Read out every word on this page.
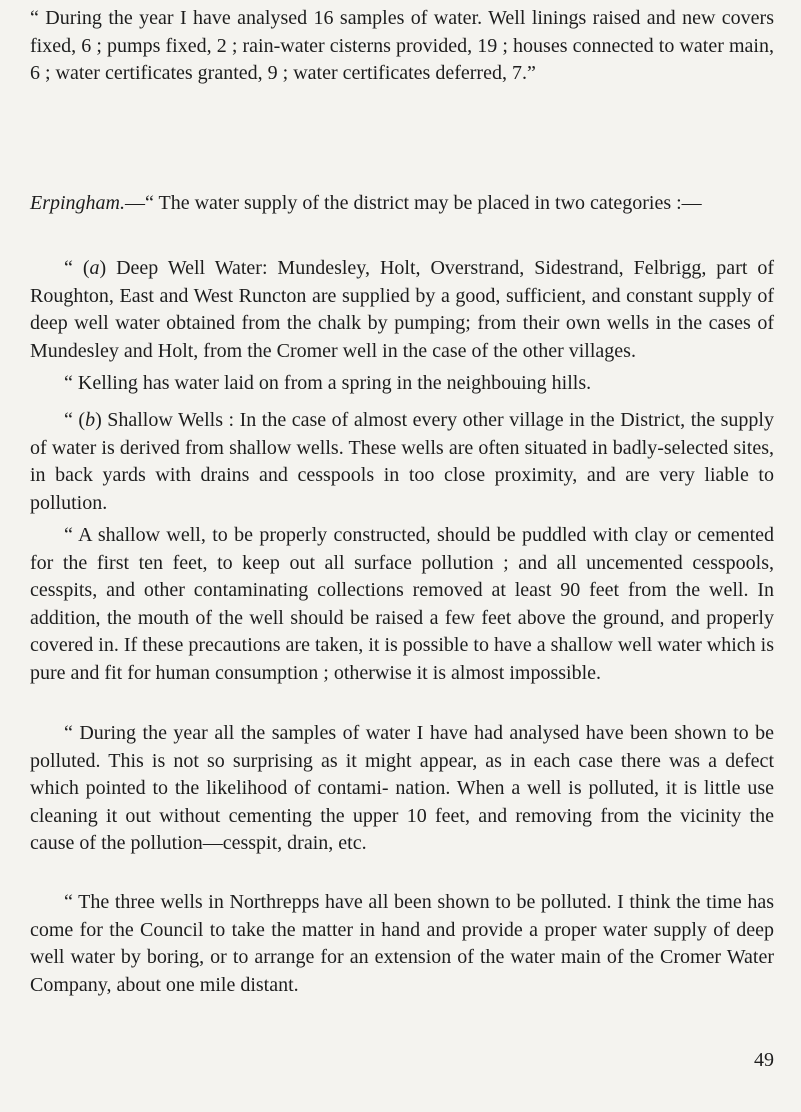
“ During the year I have analysed 16 samples of water. Well linings raised and new covers fixed, 6 ; pumps fixed, 2 ; rain-water cisterns provided, 19 ; houses connected to water main, 6 ; water certificates granted, 9 ; water certificates deferred, 7.”

Erpingham.—“ The water supply of the district may be placed in two categories :—

“ (a) Deep Well Water: Mundesley, Holt, Overstrand, Sidestrand, Felbrigg, part of Roughton, East and West Runcton are supplied by a good, sufficient, and constant supply of deep well water obtained from the chalk by pumping; from their own wells in the cases of Mundesley and Holt, from the Cromer well in the case of the other villages.

“ Kelling has water laid on from a spring in the neighbouing hills.

“ (b) Shallow Wells : In the case of almost every other village in the District, the supply of water is derived from shallow wells. These wells are often situated in badly-selected sites, in back yards with drains and cesspools in too close proximity, and are very liable to pollution.

“ A shallow well, to be properly constructed, should be puddled with clay or cemented for the first ten feet, to keep out all surface pollution ; and all uncemented cesspools, cesspits, and other contaminating collections removed at least 90 feet from the well. In addition, the mouth of the well should be raised a few feet above the ground, and properly covered in. If these precautions are taken, it is possible to have a shallow well water which is pure and fit for human consumption ; otherwise it is almost impossible.

“ During the year all the samples of water I have had analysed have been shown to be polluted. This is not so surprising as it might appear, as in each case there was a defect which pointed to the likelihood of contami- nation. When a well is polluted, it is little use cleaning it out without cementing the upper 10 feet, and removing from the vicinity the cause of the pollution—cesspit, drain, etc.

“ The three wells in Northrepps have all been shown to be polluted. I think the time has come for the Council to take the matter in hand and provide a proper water supply of deep well water by boring, or to arrange for an extension of the water main of the Cromer Water Company, about one mile distant.

49
